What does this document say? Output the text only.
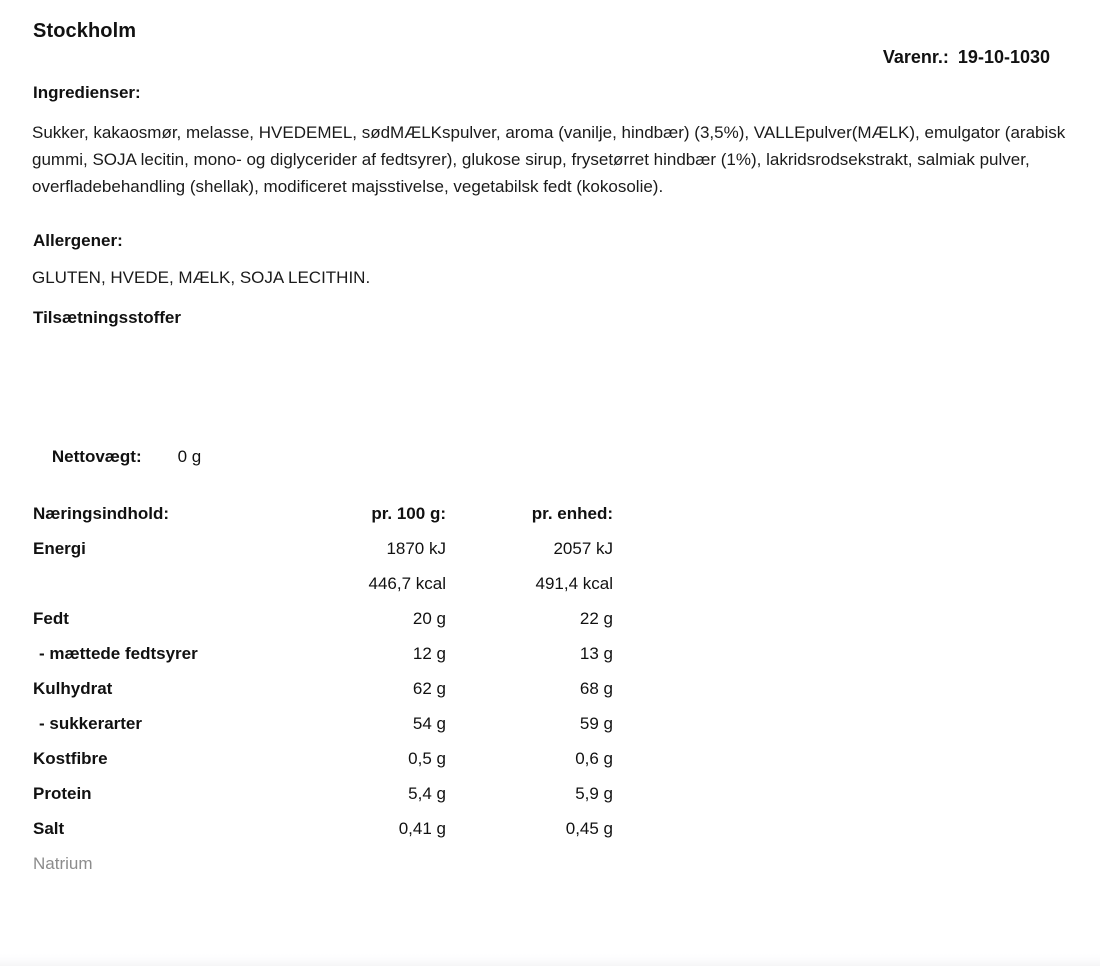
Stockholm

Varenr.: 19-10-1030

Ingredienser:
Sukker, kakaosmør, melasse, HVEDEMEL, sødMÆLKspulver, aroma (vanilje, hindbær) (3,5%), VALLEpulver(MÆLK), emulgator (arabisk gummi, SOJA lecitin, mono- og diglycerider af fedtsyrer), glukose sirup, frysetørret hindbær (1%), lakridsrodsekstrakt, salmiak pulver, overfladebehandling (shellak), modificeret majsstivelse, vegetabilsk fedt (kokosolie).
Allergener:
GLUTEN, HVEDE, MÆLK, SOJA LECITHIN.
Tilsætningsstoffer

Nettovægt: 0 g

Næringsindhold:	pr. 100 g:	pr. enhed:
Energi	1870 kJ	2057 kJ
	446,7 kcal	491,4 kcal
Fedt	20 g	22 g
- mættede fedtsyrer	12 g	13 g
Kulhydrat	62 g	68 g
- sukkerarter	54 g	59 g
Kostfibre	0,5 g	0,6 g
Protein	5,4 g	5,9 g
Salt	0,41 g	0,45 g
Natrium		
